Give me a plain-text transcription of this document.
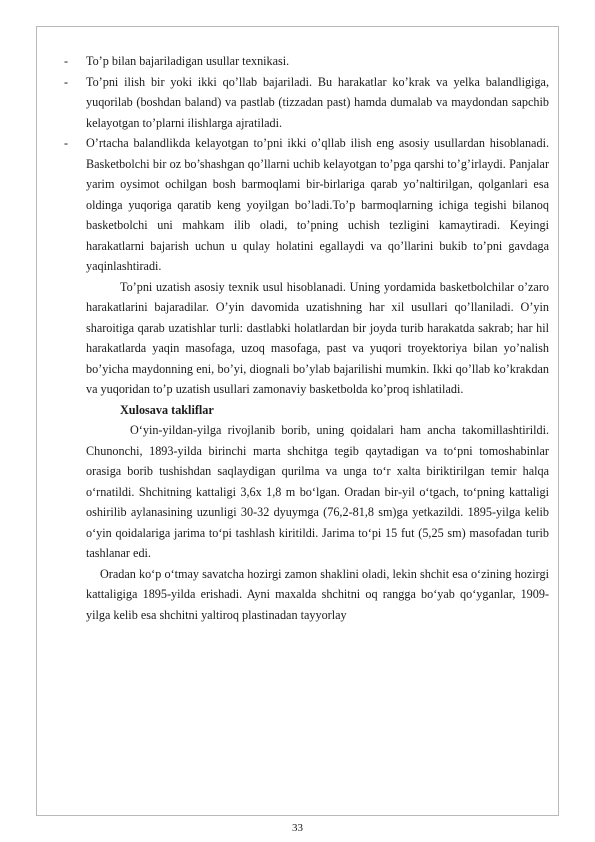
- To’p bilan bajariladigan usullar texnikasi.

- To’pni ilish bir yoki ikki qo’llab bajariladi. Bu harakatlar ko’krak va yelka balandligiga, yuqorilab (boshdan baland) va pastlab (tizzadan past) hamda dumalab va maydondan sapchib kelayotgan to’plarni ilishlarga ajratiladi.

- O’rtacha balandlikda kelayotgan to’pni ikki o’qllab ilish eng asosiy usullardan hisoblanadi. Basketbolchi bir oz bo’shashgan qo’llarni uchib kelayotgan to’pga qarshi to’g’irlaydi. Panjalar yarim oysimot ochilgan bosh barmoqlami bir-birlariga qarab yo’naltirilgan, qolganlari esa oldinga yuqoriga qaratib keng yoyilgan bo’ladi.To’p barmoqlarning ichiga tegishi bilanoq basketbolchi uni mahkam ilib oladi, to’pning uchish tezligini kamaytiradi. Keyingi harakatlarni bajarish uchun u qulay holatini egallaydi va qo’llarini bukib to’pni gavdaga yaqinlashtiradi.

To’pni uzatish asosiy texnik usul hisoblanadi. Uning yordamida basketbolchilar o’zaro harakatlarini bajaradilar. O’yin davomida uzatishning har xil usullari qo’llaniladi. O’yin sharoitiga qarab uzatishlar turli: dastlabki holatlardan bir joyda turib harakatda sakrab; har hil harakatlarda yaqin masofaga, uzoq masofaga, past va yuqori troyektoriya bilan yo’nalish bo’yicha maydonning eni, bo’yi, diognali bo’ylab bajarilishi mumkin. Ikki qo’llab ko’krakdan va yuqoridan to’p uzatish usullari zamonaviy basketbolda ko’proq ishlatiladi.

Xulosava takliflar

O‘yin-yildan-yilga rivojlanib borib, uning qoidalari ham ancha takomillashtirildi. Chunonchi, 1893-yilda birinchi marta shchitga tegib qaytadigan va to‘pni tomoshabinlar orasiga borib tushishdan saqlaydigan qurilma va unga to‘r xalta biriktirilgan temir halqa o‘rnatildi. Shchitning kattaligi 3,6x 1,8 m bo‘lgan. Oradan bir-yil o‘tgach, to‘pning kattaligi oshirilib aylanasining uzunligi 30-32 dyuymga (76,2-81,8 sm)ga yetkazildi. 1895-yilga kelib o‘yin qoidalariga jarima to‘pi tashlash kiritildi. Jarima to‘pi 15 fut (5,25 sm) masofadan turib tashlanar edi.

Oradan ko‘p o‘tmay savatcha hozirgi zamon shaklini oladi, lekin shchit esa o‘zining hozirgi kattaligiga 1895-yilda erishadi. Ayni maxalda shchitni oq rangga bo‘yab qo‘yganlar, 1909-yilga kelib esa shchitni yaltiroq plastinadan tayyorlay

33
